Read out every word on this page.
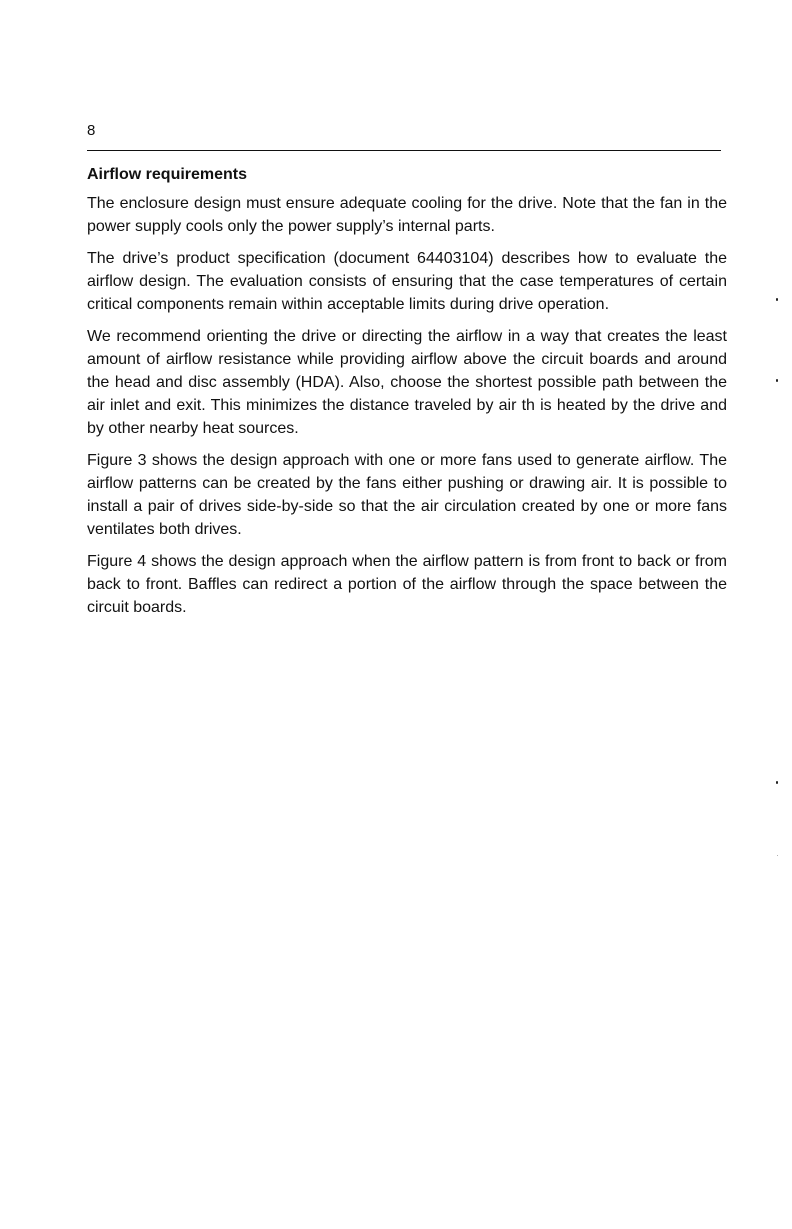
8
Airflow requirements

The enclosure design must ensure adequate cooling for the drive. Note that the fan in the power supply cools only the power supply’s internal parts.

The drive’s product specification (document 64403104) describes how to evaluate the airflow design. The evaluation consists of ensuring that the case temperatures of certain critical components remain within acceptable limits during drive operation.

We recommend orienting the drive or directing the airflow in a way that creates the least amount of airflow resistance while providing airflow above the circuit boards and around the head and disc assembly (HDA). Also, choose the shortest possible path between the air inlet and exit. This minimizes the distance traveled by air th is heated by the drive and by other nearby heat sources.

Figure 3 shows the design approach with one or more fans used to generate airflow. The airflow patterns can be created by the fans either pushing or drawing air. It is possible to install a pair of drives side-by-side so that the air circulation created by one or more fans ventilates both drives.

Figure 4 shows the design approach when the airflow pattern is from front to back or from back to front. Baffles can redirect a portion of the airflow through the space between the circuit boards.
